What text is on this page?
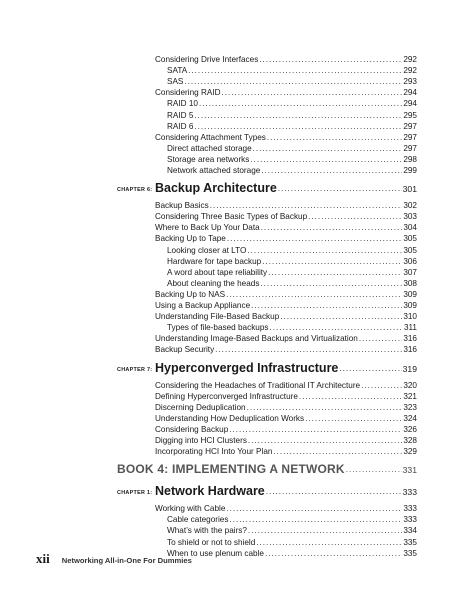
Considering Drive Interfaces . . .	292
SATA . . .	292
SAS . . .	293
Considering RAID . . .	294
RAID 10 . . .	294
RAID 5 . . .	295
RAID 6 . . .	297
Considering Attachment Types . . .	297
Direct attached storage . . .	297
Storage area networks . . .	298
Network attached storage . . .	299
CHAPTER 6: Backup Architecture . . .	301
Backup Basics . . .	302
Considering Three Basic Types of Backup . . .	303
Where to Back Up Your Data . . .	304
Backing Up to Tape . . .	305
Looking closer at LTO . . .	305
Hardware for tape backup . . .	306
A word about tape reliability . . .	307
About cleaning the heads . . .	308
Backing Up to NAS . . .	309
Using a Backup Appliance . . .	309
Understanding File-Based Backup . . .	310
Types of file-based backups . . .	311
Understanding Image-Based Backups and Virtualization . . .	316
Backup Security . . .	316
CHAPTER 7: Hyperconverged Infrastructure . . .	319
Considering the Headaches of Traditional IT Architecture . . .	320
Defining Hyperconverged Infrastructure . . .	321
Discerning Deduplication . . .	323
Understanding How Deduplication Works . . .	324
Considering Backup . . .	326
Digging into HCI Clusters . . .	328
Incorporating HCI Into Your Plan . . .	329
BOOK 4: IMPLEMENTING A NETWORK . . .	331
CHAPTER 1: Network Hardware . . .	333
Working with Cable . . .	333
Cable categories . . .	333
What’s with the pairs? . . .	334
To shield or not to shield . . .	335
When to use plenum cable . . .	335
xii Networking All-in-One For Dummies
